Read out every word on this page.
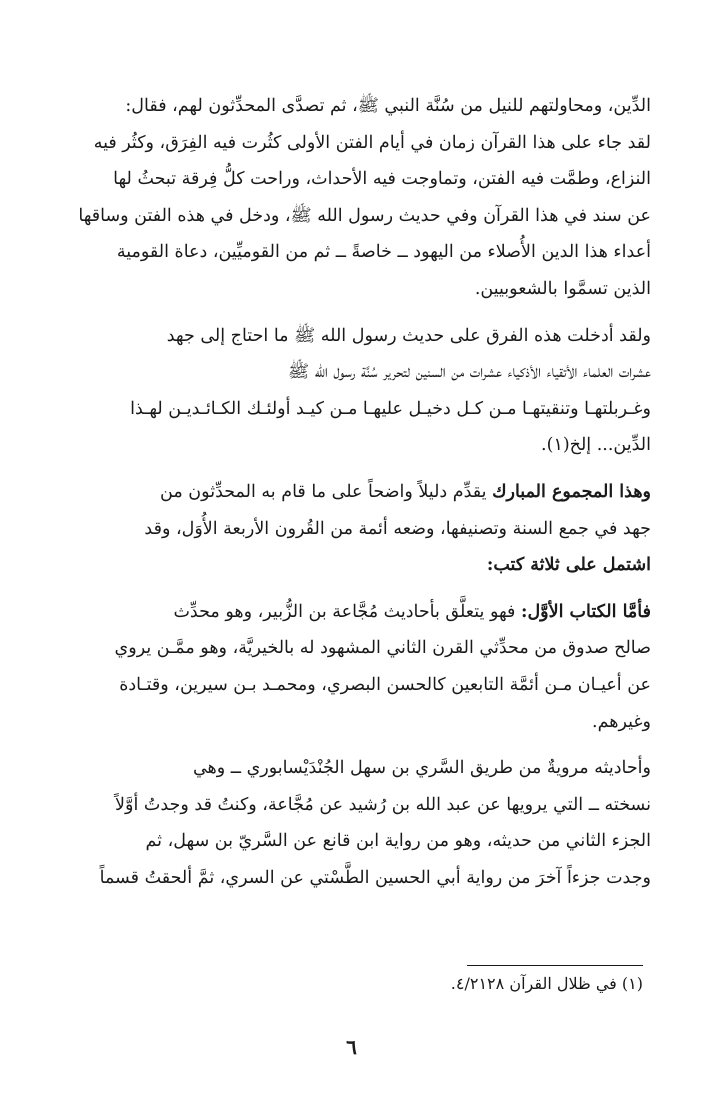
الدِّين، ومحاولتهم للنيل من سُنَّة النبي ﷺ، ثم تصدَّى المحدِّثون لهم، فقال:
لقد جاء على هذا القرآن زمان في أيام الفتن الأولى كثُرت فيه الفِرَق، وكثُر فيه
النزاع، وطمَّت فيه الفتن، وتماوجت فيه الأحداث، وراحت كلُّ فِرقة تبحثُ لها
عن سند في هذا القرآن وفي حديث رسول الله ﷺ، ودخل في هذه الفتن وساقها
أعداء هذا الدين الأُصلاء من اليهود ــ خاصةً ــ ثم من القوميِّين، دعاة القومية
الذين تسمَّوا بالشعوبيين.

ولقد أدخلت هذه الفرق على حديث رسول الله ﷺ ما احتاج إلى جهد
عشرات العلماء الأتقياء الأذكياء عشرات من السنين لتحرير سُنَّة رسول الله ﷺ
وغـربلتهـا وتنقيتهـا مـن كـل دخيـل عليهـا مـن كيـد أولئـك الكـائـديـن لهـذا
الدِّين... إلخ(١).

وهذا المجموع المبارك يقدِّم دليلاً واضحاً على ما قام به المحدِّثون من
جهد في جمع السنة وتصنيفها، وضعه أئمة من القُرون الأربعة الأُوَل، وقد
اشتمل على ثلاثة كتب:

فأمَّا الكتاب الأوَّل: فهو يتعلَّق بأحاديث مُجَّاعة بن الزُّبير، وهو محدِّث
صالح صدوق من محدِّثي القرن الثاني المشهود له بالخيريَّة، وهو ممَّـن يروي
عن أعيـان مـن أئمَّة التابعين كالحسن البصري، ومحمـد بـن سيرين، وقتـادة
وغيرهم.

وأحاديثه مرويةٌ من طريق السَّري بن سهل الجُنْدَيْسابوري ــ وهي
نسخته ــ التي يرويها عن عبد الله بن رُشيد عن مُجَّاعة، وكنتُ قد وجدتُ أوَّلاً
الجزء الثاني من حديثه، وهو من رواية ابن قانع عن السَّريّ بن سهل، ثم
وجدت جزءاً آخرَ من رواية أبي الحسين الطَّسْتي عن السري، ثمَّ ألحقتُ قسماً

(١) في ظلال القرآن ٤/٢١٢٨.
٦
